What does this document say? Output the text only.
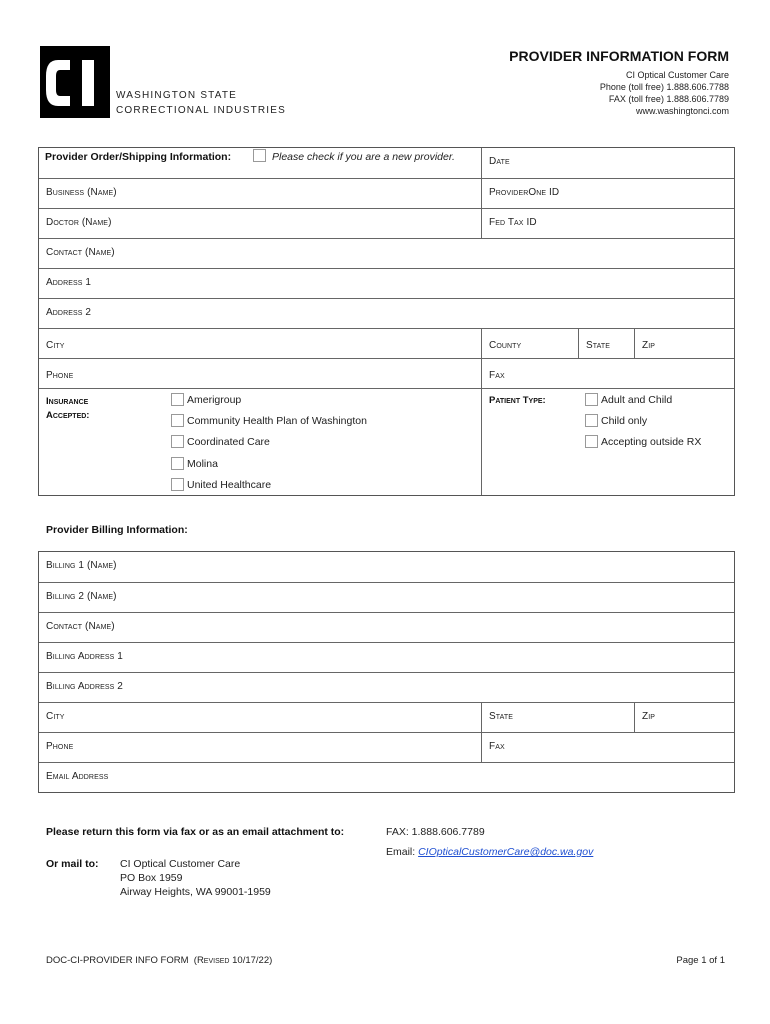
WASHINGTON STATE
CORRECTIONAL INDUSTRIES
PROVIDER INFORMATION FORM
CI Optical Customer Care
Phone (toll free) 1.888.606.7788
FAX (toll free) 1.888.606.7789
www.washingtonci.com
Provider Order/Shipping Information:	Please check if you are a new provider.	Date
Business (Name)	ProviderOne ID
Doctor (Name)	Fed Tax ID
Contact (Name)
Address 1
Address 2
City	County	State	Zip
Phone	Fax
Insurance
Accepted:
Amerigroup
Community Health Plan of Washington
Coordinated Care
Molina
United Healthcare
Patient Type:	Adult and Child
Child only
Accepting outside RX
Provider Billing Information:
Billing 1 (Name)
Billing 2 (Name)
Contact (Name)
Billing Address 1
Billing Address 2
City	State	Zip
Phone	Fax
Email Address
Please return this form via fax or as an email attachment to:	FAX: 1.888.606.7789
Email: CIOpticalCustomerCare@doc.wa.gov
Or mail to: CI Optical Customer Care
PO Box 1959
Airway Heights, WA 99001-1959
DOC-CI-PROVIDER INFO FORM (Revised 10/17/22)	Page 1 of 1
